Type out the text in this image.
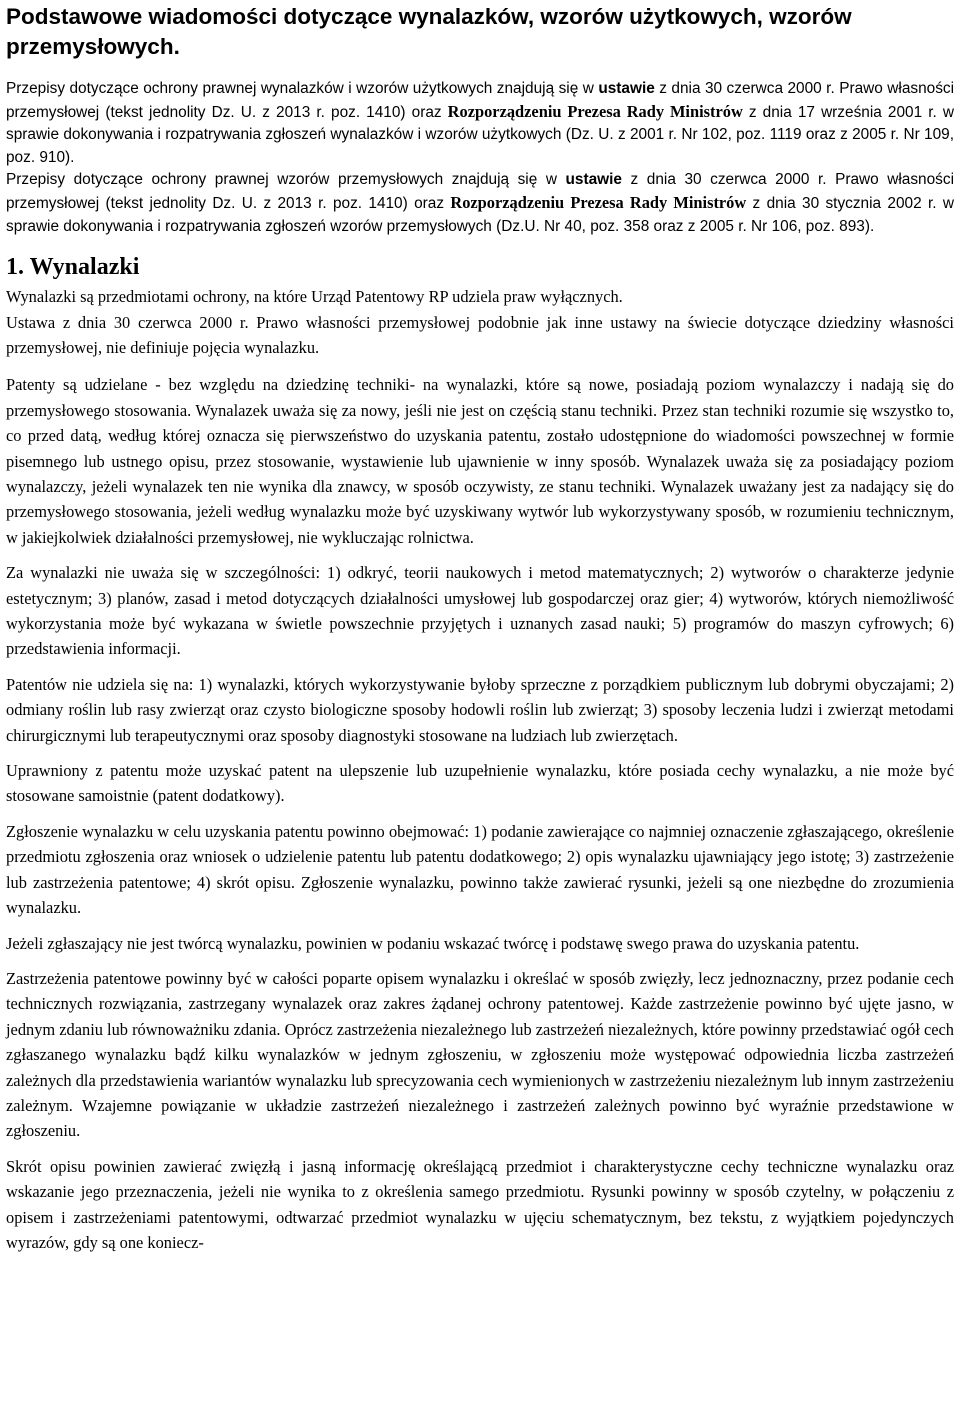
Podstawowe wiadomości dotyczące wynalazków, wzorów użytkowych, wzorów przemysłowych.

Przepisy dotyczące ochrony prawnej wynalazków i wzorów użytkowych znajdują się w ustawie z dnia 30 czerwca 2000 r. Prawo własności przemysłowej (tekst jednolity Dz. U. z 2013 r. poz. 1410) oraz Rozporządzeniu Prezesa Rady Ministrów z dnia 17 września 2001 r. w sprawie dokonywania i rozpatrywania zgłoszeń wynalazków i wzorów użytkowych (Dz. U. z 2001 r. Nr 102, poz. 1119 oraz z 2005 r. Nr 109, poz. 910).

Przepisy dotyczące ochrony prawnej wzorów przemysłowych znajdują się w ustawie z dnia 30 czerwca 2000 r. Prawo własności przemysłowej (tekst jednolity Dz. U. z 2013 r. poz. 1410) oraz Rozporządzeniu Prezesa Rady Ministrów z dnia 30 stycznia 2002 r. w sprawie dokonywania i rozpatrywania zgłoszeń wzorów przemysłowych (Dz.U. Nr 40, poz. 358 oraz z 2005 r. Nr 106, poz. 893).

1. Wynalazki

Wynalazki są przedmiotami ochrony, na które Urząd Patentowy RP udziela praw wyłącznych.
Ustawa z dnia 30 czerwca 2000 r. Prawo własności przemysłowej podobnie jak inne ustawy na świecie dotyczące dziedziny własności przemysłowej, nie definiuje pojęcia wynalazku.

Patenty są udzielane - bez względu na dziedzinę techniki- na wynalazki, które są nowe, posiadają poziom wynalazczy i nadają się do przemysłowego stosowania. Wynalazek uważa się za nowy, jeśli nie jest on częścią stanu techniki. Przez stan techniki rozumie się wszystko to, co przed datą, według której oznacza się pierwszeństwo do uzyskania patentu, zostało udostępnione do wiadomości powszechnej w formie pisemnego lub ustnego opisu, przez stosowanie, wystawienie lub ujawnienie w inny sposób. Wynalazek uważa się za posiadający poziom wynalazczy, jeżeli wynalazek ten nie wynika dla znawcy, w sposób oczywisty, ze stanu techniki. Wynalazek uważany jest za nadający się do przemysłowego stosowania, jeżeli według wynalazku może być uzyskiwany wytwór lub wykorzystywany sposób, w rozumieniu technicznym, w jakiejkolwiek działalności przemysłowej, nie wykluczając rolnictwa.

Za wynalazki nie uważa się w szczególności: 1) odkryć, teorii naukowych i metod matematycznych; 2) wytworów o charakterze jedynie estetycznym; 3) planów, zasad i metod dotyczących działalności umysłowej lub gospodarczej oraz gier; 4) wytworów, których niemożliwość wykorzystania może być wykazana w świetle powszechnie przyjętych i uznanych zasad nauki; 5) programów do maszyn cyfrowych; 6) przedstawienia informacji.

Patentów nie udziela się na: 1) wynalazki, których wykorzystywanie byłoby sprzeczne z porządkiem publicznym lub dobrymi obyczajami; 2) odmiany roślin lub rasy zwierząt oraz czysto biologiczne sposoby hodowli roślin lub zwierząt; 3) sposoby leczenia ludzi i zwierząt metodami chirurgicznymi lub terapeutycznymi oraz sposoby diagnostyki stosowane na ludziach lub zwierzętach.

Uprawniony z patentu może uzyskać patent na ulepszenie lub uzupełnienie wynalazku, które posiada cechy wynalazku, a nie może być stosowane samoistnie (patent dodatkowy).

Zgłoszenie wynalazku w celu uzyskania patentu powinno obejmować: 1) podanie zawierające co najmniej oznaczenie zgłaszającego, określenie przedmiotu zgłoszenia oraz wniosek o udzielenie patentu lub patentu dodatkowego; 2) opis wynalazku ujawniający jego istotę; 3) zastrzeżenie lub zastrzeżenia patentowe; 4) skrót opisu. Zgłoszenie wynalazku, powinno także zawierać rysunki, jeżeli są one niezbędne do zrozumienia wynalazku.

Jeżeli zgłaszający nie jest twórcą wynalazku, powinien w podaniu wskazać twórcę i podstawę swego prawa do uzyskania patentu.

Zastrzeżenia patentowe powinny być w całości poparte opisem wynalazku i określać w sposób zwięzły, lecz jednoznaczny, przez podanie cech technicznych rozwiązania, zastrzegany wynalazek oraz zakres żądanej ochrony patentowej. Każde zastrzeżenie powinno być ujęte jasno, w jednym zdaniu lub równoważniku zdania. Oprócz zastrzeżenia niezależnego lub zastrzeżeń niezależnych, które powinny przedstawiać ogół cech zgłaszanego wynalazku bądź kilku wynalazków w jednym zgłoszeniu, w zgłoszeniu może występować odpowiednia liczba zastrzeżeń zależnych dla przedstawienia wariantów wynalazku lub sprecyzowania cech wymienionych w zastrzeżeniu niezależnym lub innym zastrzeżeniu zależnym. Wzajemne powiązanie w układzie zastrzeżeń niezależnego i zastrzeżeń zależnych powinno być wyraźnie przedstawione w zgłoszeniu.

Skrót opisu powinien zawierać zwięzłą i jasną informację określającą przedmiot i charakterystyczne cechy techniczne wynalazku oraz wskazanie jego przeznaczenia, jeżeli nie wynika to z określenia samego przedmiotu. Rysunki powinny w sposób czytelny, w połączeniu z opisem i zastrzeżeniami patentowymi, odtwarzać przedmiot wynalazku w ujęciu schematycznym, bez tekstu, z wyjątkiem pojedynczych wyrazów, gdy są one koniecz-
